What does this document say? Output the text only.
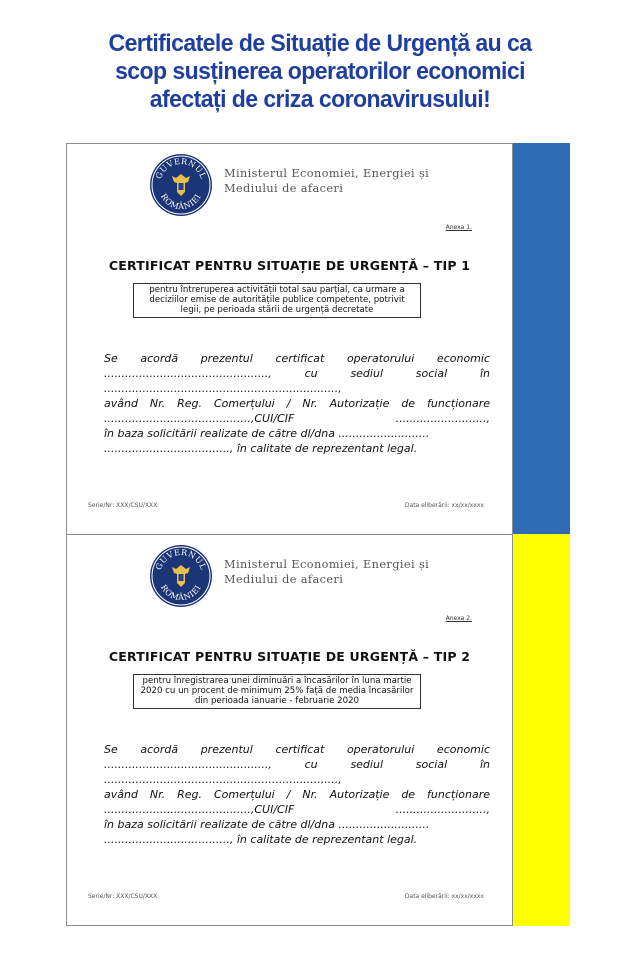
Certificatele de Situație de Urgență au ca
scop susținerea operatorilor economici
afectați de criza coronavirusului!
GUVERNUL
ROMÂNIEI
Ministerul Economiei, Energiei și
Mediului de afaceri
Anexa 1.
CERTIFICAT PENTRU SITUAȚIE DE URGENȚĂ – TIP 1
pentru întreruperea activității total sau parțial, ca urmare a
deciziilor emise de autoritățile publice competente, potrivit
legii, pe perioada stării de urgență decretate
Se acordă prezentul certificat operatorului economic
...............................................,	cu	sediul	social	în
...................................................................,
având Nr. Reg. Comerțului / Nr. Autorizație de funcționare
..........................................,CUI/CIF	..........................,
în baza solicitării realizate de către dl/dna ..........................
...................................., în calitate de reprezentant legal.
Serie/Nr: XXX/CSU/XXX	Data eliberării: xx/xx/xxxx
GUVERNUL
ROMÂNIEI
Ministerul Economiei, Energiei și
Mediului de afaceri
Anexa 2.
CERTIFICAT PENTRU SITUAȚIE DE URGENȚĂ – TIP 2
pentru înregistrarea unei diminuări a încasărilor în luna martie
2020 cu un procent de minimum 25% față de media încasărilor
din perioada ianuarie - februarie 2020
Se acordă prezentul certificat operatorului economic
...............................................,	cu	sediul	social	în
...................................................................,
având Nr. Reg. Comerțului / Nr. Autorizație de funcționare
..........................................,CUI/CIF	..........................,
în baza solicitării realizate de către dl/dna ..........................
...................................., în calitate de reprezentant legal.
Serie/Nr: XXX/CSU/XXX	Data eliberării: xx/xx/xxxx
